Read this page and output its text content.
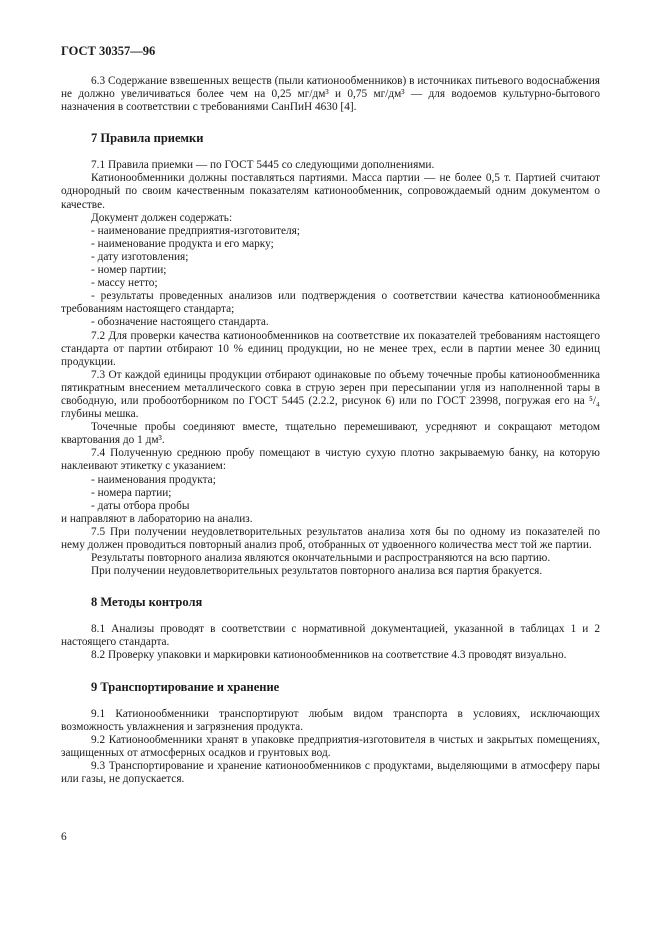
ГОСТ 30357—96

6.3 Содержание взвешенных веществ (пыли катионообменников) в источниках питьевого водоснабжения не должно увеличиваться более чем на 0,25 мг/дм³ и 0,75 мг/дм³ — для водоемов культурно-бытового назначения в соответствии с требованиями СанПиН 4630 [4].

7 Правила приемки

7.1 Правила приемки — по ГОСТ 5445 со следующими дополнениями.

Катионообменники должны поставляться партиями. Масса партии — не более 0,5 т. Партией считают однородный по своим качественным показателям катионообменник, сопровождаемый одним документом о качестве.

Документ должен содержать:

- наименование предприятия-изготовителя;

- наименование продукта и его марку;

- дату изготовления;

- номер партии;

- массу нетто;

- результаты проведенных анализов или подтверждения о соответствии качества катионообменника требованиям настоящего стандарта;

- обозначение настоящего стандарта.

7.2 Для проверки качества катионообменников на соответствие их показателей требованиям настоящего стандарта от партии отбирают 10 % единиц продукции, но не менее трех, если в партии менее 30 единиц продукции.

7.3 От каждой единицы продукции отбирают одинаковые по объему точечные пробы катионообменника пятикратным внесением металлического совка в струю зерен при пересыпании угля из наполненной тары в свободную, или пробоотборником по ГОСТ 5445 (2.2.2, рисунок 6) или по ГОСТ 23998, погружая его на ⁵/₄ глубины мешка.

Точечные пробы соединяют вместе, тщательно перемешивают, усредняют и сокращают методом квартования до 1 дм³.

7.4 Полученную среднюю пробу помещают в чистую сухую плотно закрываемую банку, на которую наклеивают этикетку с указанием:

- наименования продукта;

- номера партии;

- даты отбора пробы

и направляют в лабораторию на анализ.

7.5 При получении неудовлетворительных результатов анализа хотя бы по одному из показателей по нему должен проводиться повторный анализ проб, отобранных от удвоенного количества мест той же партии.

Результаты повторного анализа являются окончательными и распространяются на всю партию.

При получении неудовлетворительных результатов повторного анализа вся партия бракуется.

8 Методы контроля

8.1 Анализы проводят в соответствии с нормативной документацией, указанной в таблицах 1 и 2 настоящего стандарта.

8.2 Проверку упаковки и маркировки катионообменников на соответствие 4.3 проводят визуально.

9 Транспортирование и хранение

9.1 Катионообменники транспортируют любым видом транспорта в условиях, исключающих возможность увлажнения и загрязнения продукта.

9.2 Катионообменники хранят в упаковке предприятия-изготовителя в чистых и закрытых помещениях, защищенных от атмосферных осадков и грунтовых вод.

9.3 Транспортирование и хранение катионообменников с продуктами, выделяющими в атмосферу пары или газы, не допускается.

6
